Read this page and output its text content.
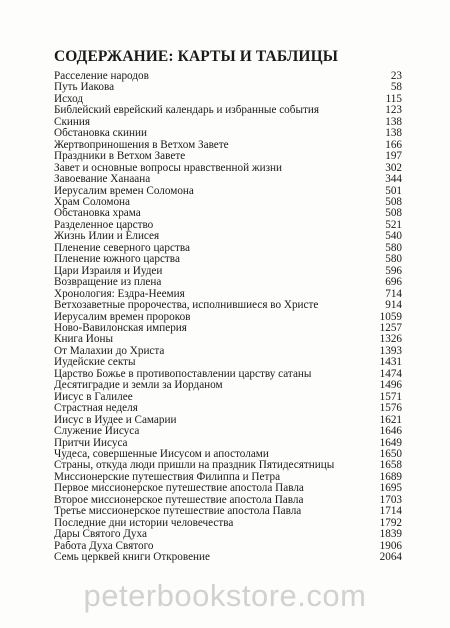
СОДЕРЖАНИЕ: КАРТЫ И ТАБЛИЦЫ
Расселение народов	23
Путь Иакова	58
Исход	115
Библейский еврейский календарь и избранные события	123
Скиния	138
Обстановка скинии	138
Жертвоприношения в Ветхом Завете	166
Праздники в Ветхом Завете	197
Завет и основные вопросы нравственной жизни	302
Завоевание Ханаана	344
Иерусалим времен Соломона	501
Храм Соломона	508
Обстановка храма	508
Разделенное царство	521
Жизнь Илии и Елисея	540
Пленение северного царства	580
Пленение южного царства	580
Цари Израиля и Иудеи	596
Возвращение из плена	696
Хронология: Ездра-Неемия	714
Ветхозаветные пророчества, исполнившиеся во Христе	914
Иерусалим времен пророков	1059
Ново-Вавилонская империя	1257
Книга Ионы	1326
От Малахии до Христа	1393
Иудейские секты	1431
Царство Божье в противопоставлении царству сатаны	1474
Десятиградие и земли за Иорданом	1496
Иисус в Галилее	1571
Страстная неделя	1576
Иисус в Иудее и Самарии	1621
Служение Иисуса	1646
Притчи Иисуса	1649
Чудеса, совершенные Иисусом и апостолами	1650
Страны, откуда люди пришли на праздник Пятидесятницы	1658
Миссионерские путешествия Филиппа и Петра	1689
Первое миссионерское путешествие апостола Павла	1695
Второе миссионерское путешествие апостола Павла	1703
Третье миссионерское путешествие апостола Павла	1714
Последние дни истории человечества	1792
Дары Святого Духа	1839
Работа Духа Святого	1906
Семь церквей книги Откровение	2064
peterbookstore.com
